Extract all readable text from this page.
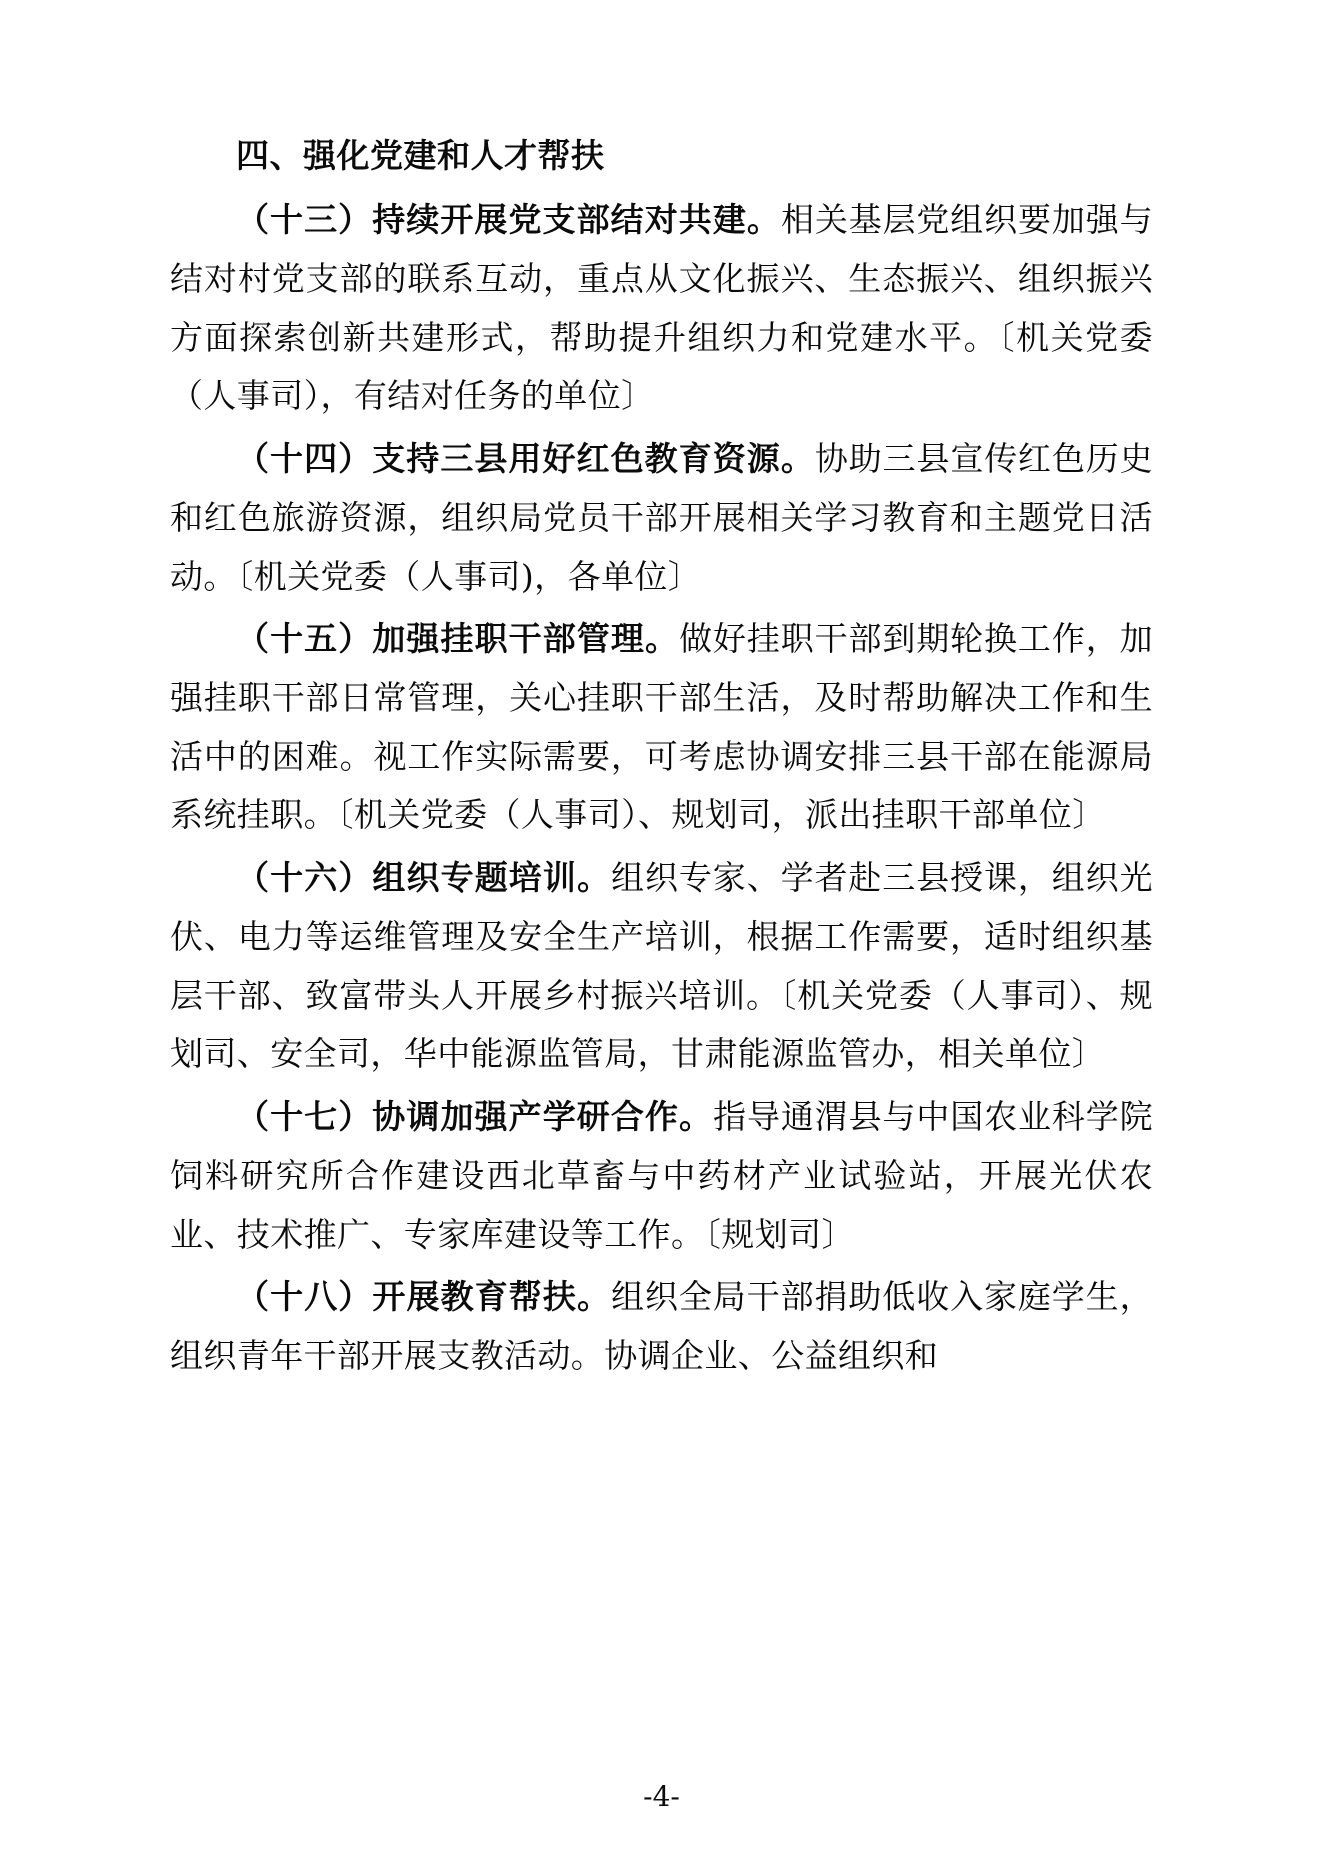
四、强化党建和人才帮扶

（十三）持续开展党支部结对共建。相关基层党组织要加强与结对村党支部的联系互动，重点从文化振兴、生态振兴、组织振兴方面探索创新共建形式，帮助提升组织力和党建水平。〔机关党委（人事司），有结对任务的单位〕

（十四）支持三县用好红色教育资源。协助三县宣传红色历史和红色旅游资源，组织局党员干部开展相关学习教育和主题党日活动。〔机关党委（人事司)，各单位〕

（十五）加强挂职干部管理。做好挂职干部到期轮换工作，加强挂职干部日常管理，关心挂职干部生活，及时帮助解决工作和生活中的困难。视工作实际需要，可考虑协调安排三县干部在能源局系统挂职。〔机关党委（人事司）、规划司，派出挂职干部单位〕

（十六）组织专题培训。组织专家、学者赴三县授课，组织光伏、电力等运维管理及安全生产培训，根据工作需要，适时组织基层干部、致富带头人开展乡村振兴培训。〔机关党委（人事司）、规划司、安全司，华中能源监管局，甘肃能源监管办，相关单位〕

（十七）协调加强产学研合作。指导通渭县与中国农业科学院饲料研究所合作建设西北草畜与中药材产业试验站，开展光伏农业、技术推广、专家库建设等工作。〔规划司〕

（十八）开展教育帮扶。组织全局干部捐助低收入家庭学生，组织青年干部开展支教活动。协调企业、公益组织和

-4-
